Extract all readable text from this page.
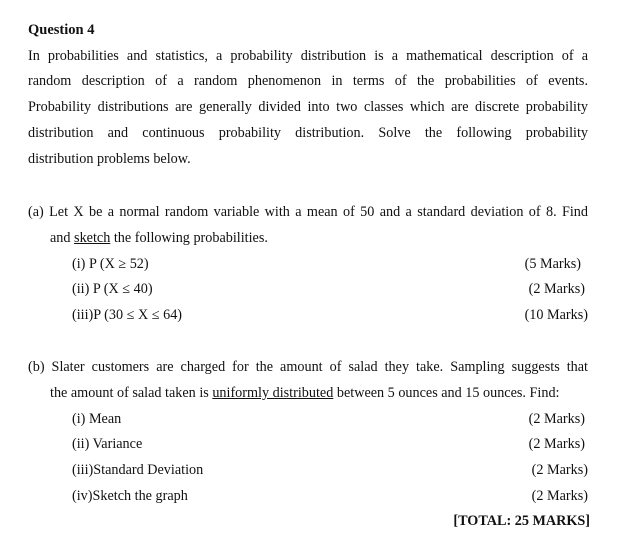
Question 4
In probabilities and statistics, a probability distribution is a mathematical description of a
random description of a random phenomenon in terms of the probabilities of events.
Probability distributions are generally divided into two classes which are discrete probability
distribution and continuous probability distribution. Solve the following probability
distribution problems below.
(a) Let X be a normal random variable with a mean of 50 and a standard deviation of 8. Find
and sketch the following probabilities.
(i) P (X ≥ 52)	(5 Marks)
(ii) P (X ≤ 40)	(2 Marks)
(iii)P (30 ≤ X ≤ 64)	(10 Marks)
(b) Slater customers are charged for the amount of salad they take. Sampling suggests that
the amount of salad taken is uniformly distributed between 5 ounces and 15 ounces. Find:
(i) Mean	(2 Marks)
(ii) Variance	(2 Marks)
(iii)Standard Deviation	(2 Marks)
(iv)Sketch the graph	(2 Marks)
[TOTAL: 25 MARKS]
